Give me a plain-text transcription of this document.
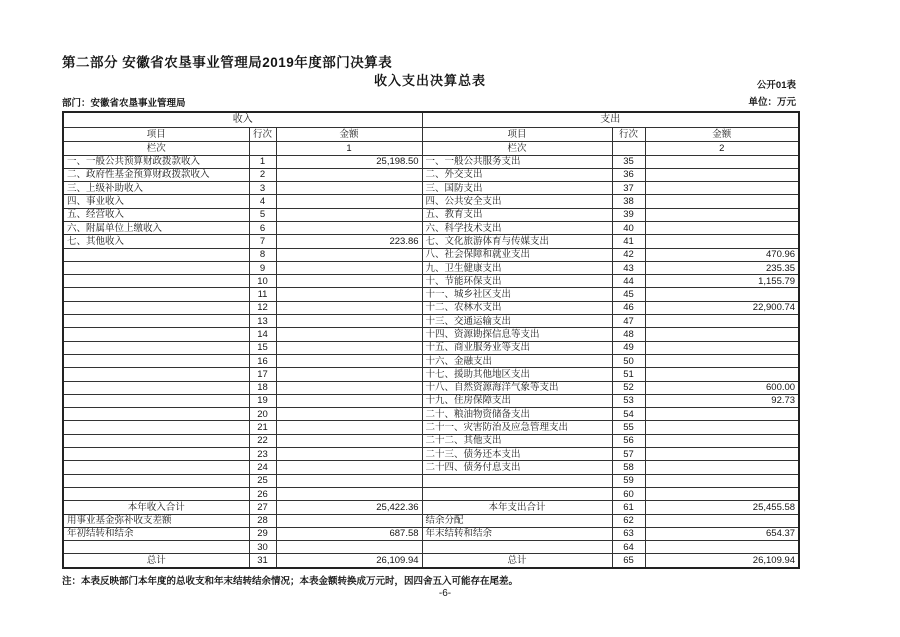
第二部分 安徽省农垦事业管理局2019年度部门决算表
收入支出决算总表	公开01表
部门：安徽省农垦事业管理局	单位：万元
收入			支出		
项目	行次	金额	项目	行次	金额
栏次		1	栏次		2
一、一般公共预算财政拨款收入	1	25,198.50	一、一般公共服务支出	35	
二、政府性基金预算财政拨款收入	2		二、外交支出	36	
三、上级补助收入	3		三、国防支出	37	
四、事业收入	4		四、公共安全支出	38	
五、经营收入	5		五、教育支出	39	
六、附属单位上缴收入	6		六、科学技术支出	40	
七、其他收入	7	223.86	七、文化旅游体育与传媒支出	41	
	8		八、社会保障和就业支出	42	470.96
	9		九、卫生健康支出	43	235.35
	10		十、节能环保支出	44	1,155.79
	11		十一、城乡社区支出	45	
	12		十二、农林水支出	46	22,900.74
	13		十三、交通运输支出	47	
	14		十四、资源勘探信息等支出	48	
	15		十五、商业服务业等支出	49	
	16		十六、金融支出	50	
	17		十七、援助其他地区支出	51	
	18		十八、自然资源海洋气象等支出	52	600.00
	19		十九、住房保障支出	53	92.73
	20		二十、粮油物资储备支出	54	
	21		二十一、灾害防治及应急管理支出	55	
	22		二十二、其他支出	56	
	23		二十三、债务还本支出	57	
	24		二十四、债务付息支出	58	
	25			59	
	26			60	
本年收入合计	27	25,422.36	本年支出合计	61	25,455.58
用事业基金弥补收支差额	28		结余分配	62	
年初结转和结余	29	687.58	年末结转和结余	63	654.37
	30			64	
总计	31	26,109.94	总计	65	26,109.94
注：本表反映部门本年度的总收支和年末结转结余情况；本表金额转换成万元时，因四舍五入可能存在尾差。
-6-
